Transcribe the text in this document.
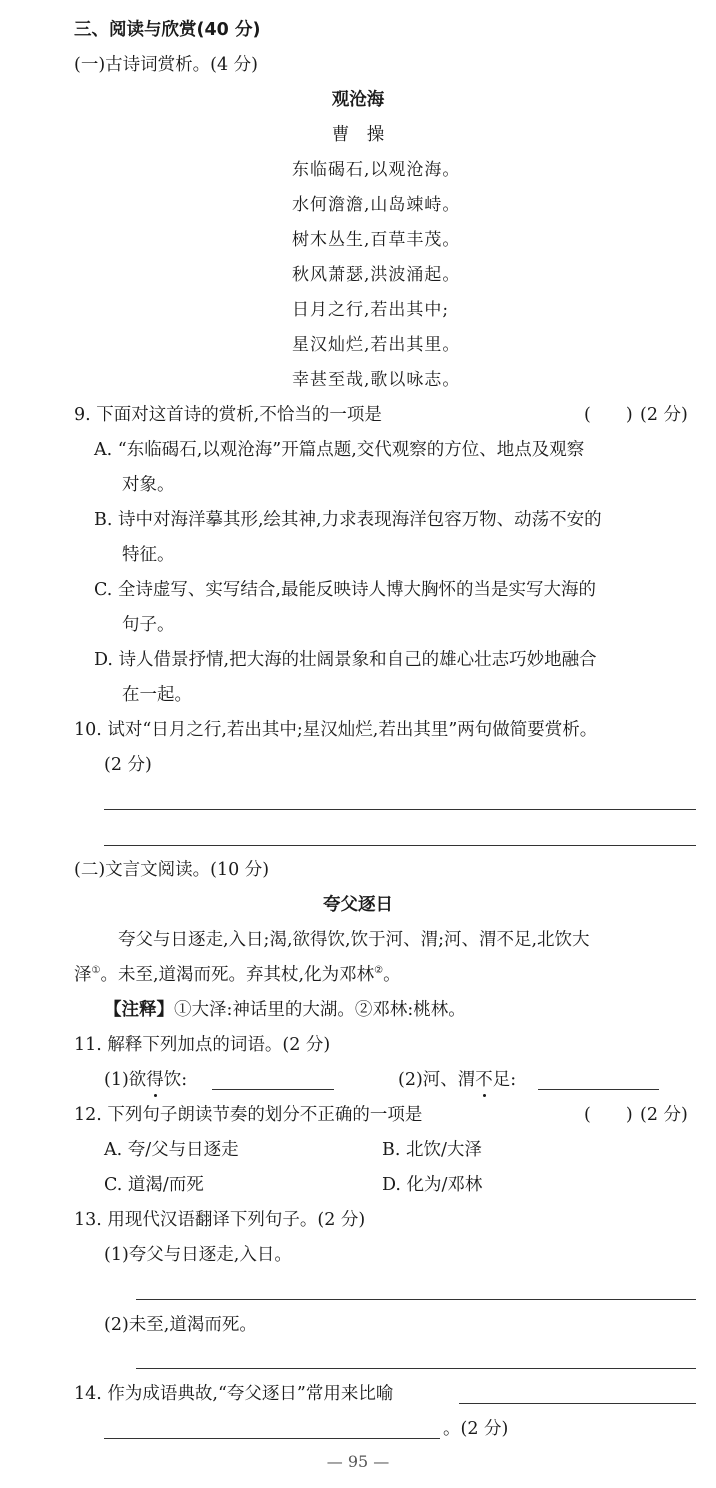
三、阅读与欣赏(40 分)
(一)古诗词赏析。(4 分)
观沧海
曹　操
东临碣石,以观沧海。
水何澹澹,山岛竦峙。
树木丛生,百草丰茂。
秋风萧瑟,洪波涌起。
日月之行,若出其中;
星汉灿烂,若出其里。
幸甚至哉,歌以咏志。
9. 下面对这首诗的赏析,不恰当的一项是	(　　) (2 分)
A. “东临碣石,以观沧海”开篇点题,交代观察的方位、地点及观察
对象。
B. 诗中对海洋摹其形,绘其神,力求表现海洋包容万物、动荡不安的
特征。
C. 全诗虚写、实写结合,最能反映诗人博大胸怀的当是实写大海的
句子。
D. 诗人借景抒情,把大海的壮阔景象和自己的雄心壮志巧妙地融合
在一起。
10. 试对“日月之行,若出其中;星汉灿烂,若出其里”两句做简要赏析。
(2 分)
(二)文言文阅读。(10 分)
夸父逐日
夸父与日逐走,入日;渴,欲得饮,饮于河、渭;河、渭不足,北饮大
泽①。未至,道渴而死。弃其杖,化为邓林②。
【注释】①大泽:神话里的大湖。②邓林:桃林。
11. 解释下列加点的词语。(2 分)
(1)欲得饮:	(2)河、渭不足:
12. 下列句子朗读节奏的划分不正确的一项是	(　　) (2 分)
A. 夸/父与日逐走	B. 北饮/大泽
C. 道渴/而死	D. 化为/邓林
13. 用现代汉语翻译下列句子。(2 分)
(1)夸父与日逐走,入日。
(2)未至,道渴而死。
14. 作为成语典故,“夸父逐日”常用来比喻
。(2 分)
— 95 —
